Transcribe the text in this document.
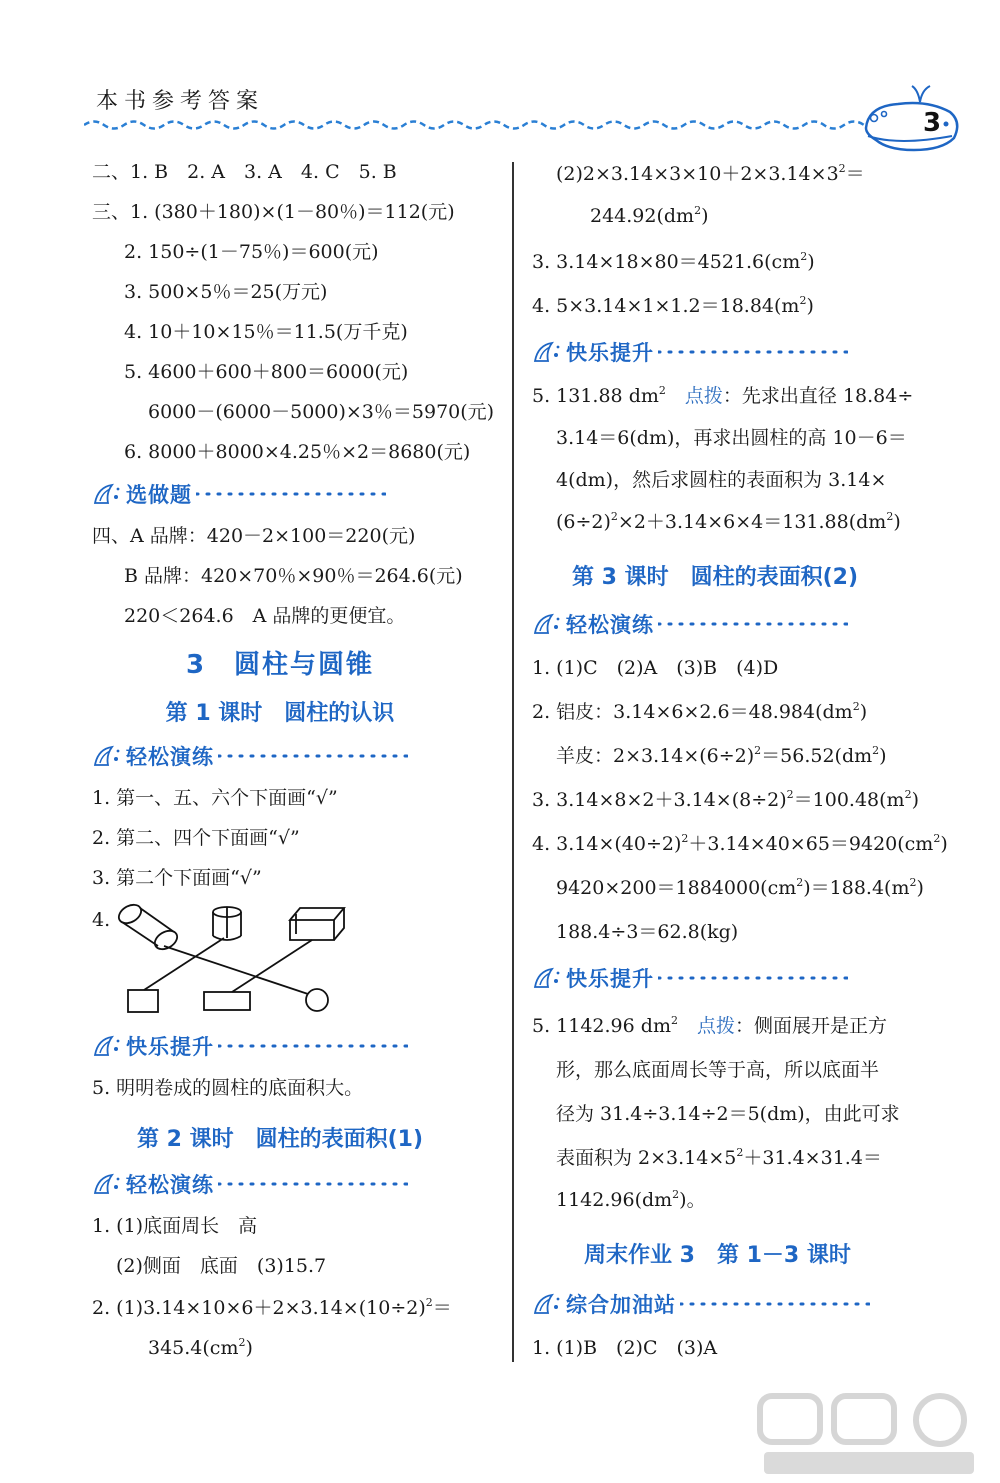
本书参考答案
3
二、1. B　2. A　3. A　4. C　5. B
三、1. (380＋180)×(1－80％)＝112(元)
2. 150÷(1－75％)＝600(元)
3. 500×5％＝25(万元)
4. 10＋10×15％＝11.5(万千克)
5. 4600＋600＋800＝6000(元)
6000－(6000－5000)×3％＝5970(元)
6. 8000＋8000×4.25％×2＝8680(元)
选做题
四、A 品牌：420－2×100＝220(元)
B 品牌：420×70％×90％＝264.6(元)
220＜264.6　A 品牌的更便宜。
3　圆柱与圆锥
第 1 课时　圆柱的认识
轻松演练
1. 第一、五、六个下面画“√”
2. 第二、四个下面画“√”
3. 第二个下面画“√”
4.
快乐提升
5. 明明卷成的圆柱的底面积大。
第 2 课时　圆柱的表面积(1)
轻松演练
1. (1)底面周长　高
(2)侧面　底面　(3)15.7
2. $(1)3.14\times 10\times 6+2\times 3.14\times(10\div 2)^2=$
$345.4(cm^2)$
$(2)2\times 3.14\times 3\times 10+2\times 3.14\times 3^2=$
$244.92(dm^2)$
3. $3.14\times 18\times 80=4521.6(cm^2)$
4. $5\times 3.14\times 1\times 1.2=18.84(m^2)$
快乐提升
5. 131.88 $dm^2$　 点拨：先求出直径 18.84÷
3.14＝6(dm)，再求出圆柱的高 10－6＝
4(dm)，然后求圆柱的表面积为 3.14×
$(6\div 2)^2\times 2+3.14\times 6\times 4=131.88(dm^2)$
第 3 课时　圆柱的表面积(2)
轻松演练
1. (1)C　(2)A　(3)B　(4)D
2. 铝皮：$3.14\times 6\times 2.6=48.984(dm^2)$
羊皮：$2\times 3.14\times(6\div 2)^2=56.52(dm^2)$
3. $3.14\times 8\times 2+3.14\times(8\div 2)^2=100.48(m^2)$
4. $3.14\times(40\div 2)^2+3.14\times 40\times 65=9420(cm^2)$
$9420\times 200=1884000(cm^2)=188.4(m^2)$
188.4÷3＝62.8(kg)
快乐提升
5. 1142.96 $dm^2$　 点拨：侧面展开是正方
形，那么底面周长等于高，所以底面半
径为 31.4÷3.14÷2＝5(dm)，由此可求
表面积为 $2\times 3.14\times 5^2+31.4\times 31.4=$
$1142.96(dm^2)$。
周末作业 3　第 1－3 课时
综合加油站
1. (1)B　(2)C　(3)A
